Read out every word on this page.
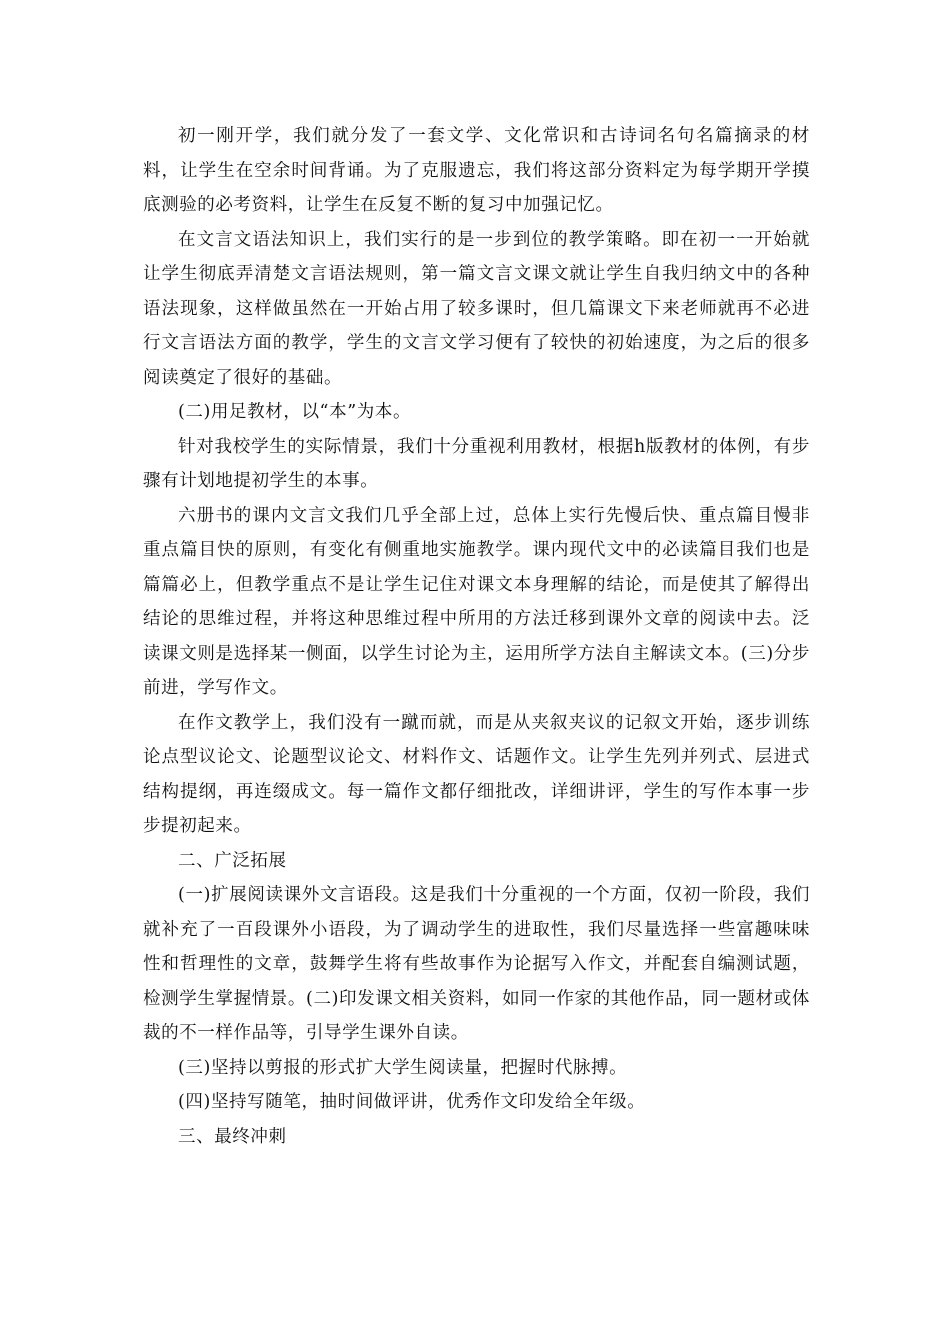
初一刚开学，我们就分发了一套文学、文化常识和古诗词名句名篇摘录的材料，让学生在空余时间背诵。为了克服遗忘，我们将这部分资料定为每学期开学摸底测验的必考资料，让学生在反复不断的复习中加强记忆。

在文言文语法知识上，我们实行的是一步到位的教学策略。即在初一一开始就让学生彻底弄清楚文言语法规则，第一篇文言文课文就让学生自我归纳文中的各种语法现象，这样做虽然在一开始占用了较多课时，但几篇课文下来老师就再不必进行文言语法方面的教学，学生的文言文学习便有了较快的初始速度，为之后的很多阅读奠定了很好的基础。

(二)用足教材，以“本”为本。

针对我校学生的实际情景，我们十分重视利用教材，根据h版教材的体例，有步骤有计划地提初学生的本事。

六册书的课内文言文我们几乎全部上过，总体上实行先慢后快、重点篇目慢非重点篇目快的原则，有变化有侧重地实施教学。课内现代文中的必读篇目我们也是篇篇必上，但教学重点不是让学生记住对课文本身理解的结论，而是使其了解得出结论的思维过程，并将这种思维过程中所用的方法迁移到课外文章的阅读中去。泛读课文则是选择某一侧面，以学生讨论为主，运用所学方法自主解读文本。(三)分步前进，学写作文。

在作文教学上，我们没有一蹴而就，而是从夹叙夹议的记叙文开始，逐步训练论点型议论文、论题型议论文、材料作文、话题作文。让学生先列并列式、层进式结构提纲，再连缀成文。每一篇作文都仔细批改，详细讲评，学生的写作本事一步步提初起来。

二、广泛拓展

(一)扩展阅读课外文言语段。这是我们十分重视的一个方面，仅初一阶段，我们就补充了一百段课外小语段，为了调动学生的进取性，我们尽量选择一些富趣味味性和哲理性的文章，鼓舞学生将有些故事作为论据写入作文，并配套自编测试题，检测学生掌握情景。(二)印发课文相关资料，如同一作家的其他作品，同一题材或体裁的不一样作品等，引导学生课外自读。

(三)坚持以剪报的形式扩大学生阅读量，把握时代脉搏。

(四)坚持写随笔，抽时间做评讲，优秀作文印发给全年级。

三、最终冲刺
